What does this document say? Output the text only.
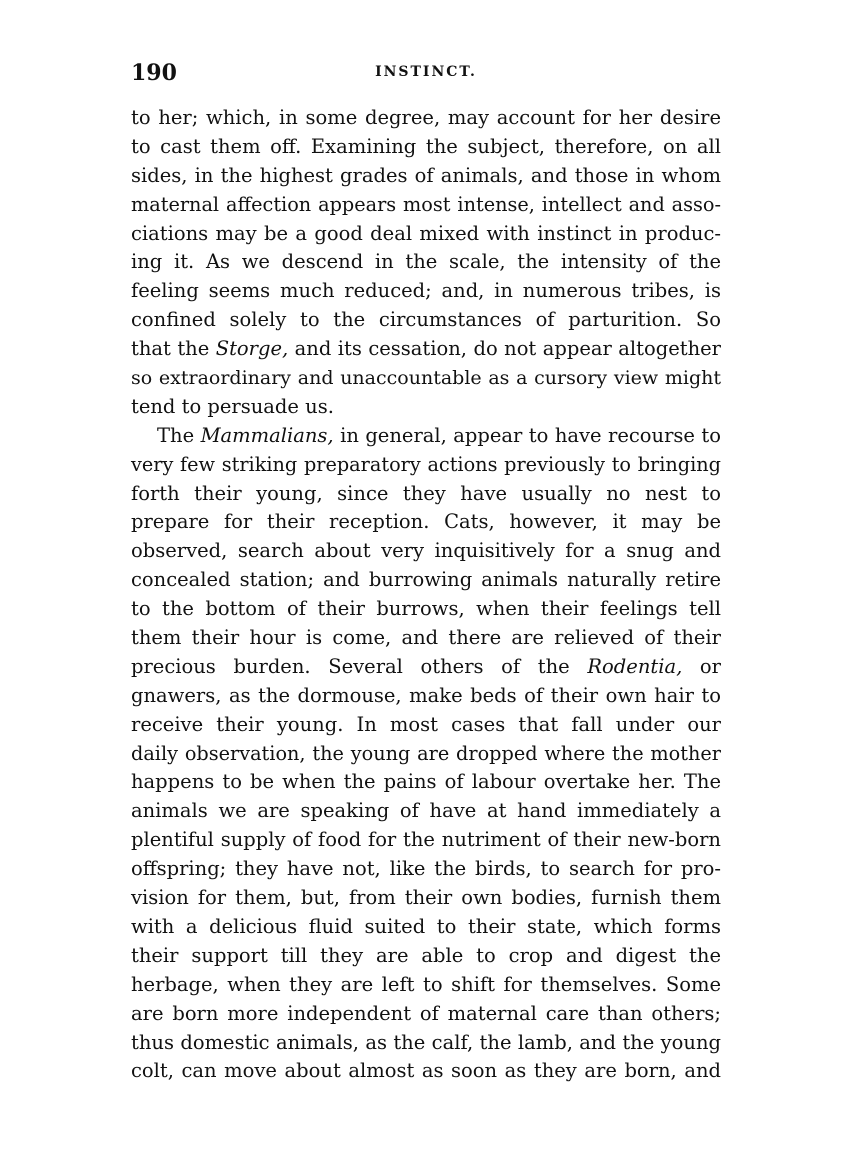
190	INSTINCT.
to her; which, in some degree, may account for her desire
to cast them off. Examining the subject, therefore, on all
sides, in the highest grades of animals, and those in whom
maternal affection appears most intense, intellect and asso-
ciations may be a good deal mixed with instinct in produc-
ing it. As we descend in the scale, the intensity of the
feeling seems much reduced; and, in numerous tribes, is
confined solely to the circumstances of parturition. So
that the Storge, and its cessation, do not appear altogether
so extraordinary and unaccountable as a cursory view might
tend to persuade us.
The Mammalians, in general, appear to have recourse to
very few striking preparatory actions previously to bringing
forth their young, since they have usually no nest to
prepare for their reception. Cats, however, it may be
observed, search about very inquisitively for a snug and
concealed station; and burrowing animals naturally retire
to the bottom of their burrows, when their feelings tell
them their hour is come, and there are relieved of their
precious burden. Several others of the Rodentia, or
gnawers, as the dormouse, make beds of their own hair to
receive their young. In most cases that fall under our
daily observation, the young are dropped where the mother
happens to be when the pains of labour overtake her. The
animals we are speaking of have at hand immediately a
plentiful supply of food for the nutriment of their new-born
offspring; they have not, like the birds, to search for pro-
vision for them, but, from their own bodies, furnish them
with a delicious fluid suited to their state, which forms
their support till they are able to crop and digest the
herbage, when they are left to shift for themselves. Some
are born more independent of maternal care than others;
thus domestic animals, as the calf, the lamb, and the young
colt, can move about almost as soon as they are born, and
